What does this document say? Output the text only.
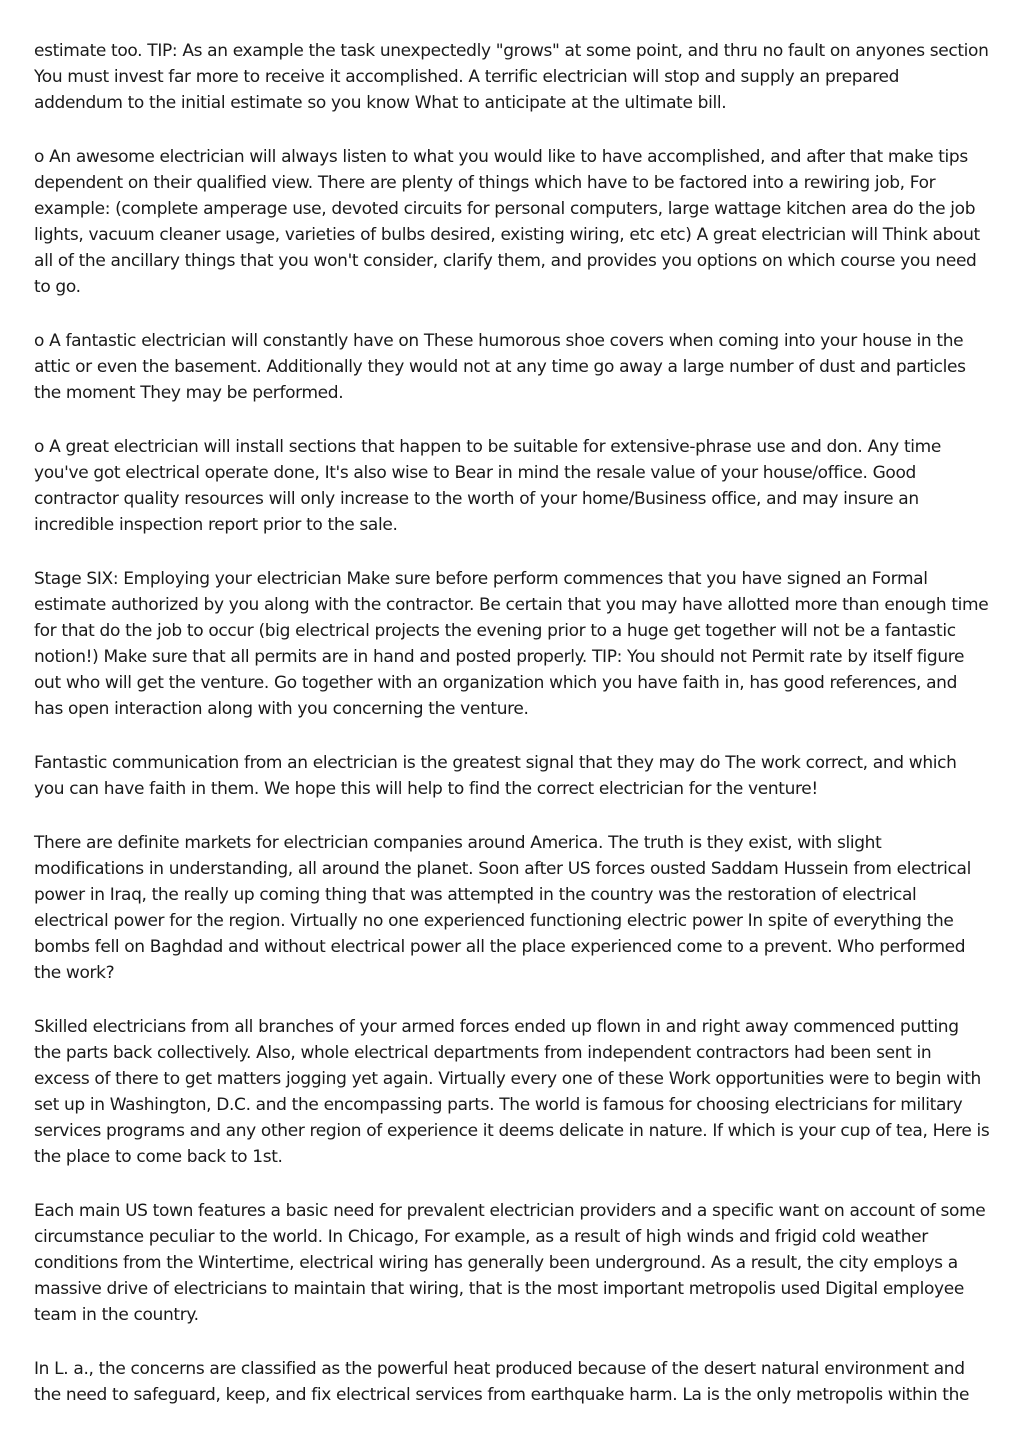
estimate too. TIP: As an example the task unexpectedly "grows" at some point, and thru no fault on anyones section You must invest far more to receive it accomplished. A terrific electrician will stop and supply an prepared addendum to the initial estimate so you know What to anticipate at the ultimate bill.

o An awesome electrician will always listen to what you would like to have accomplished, and after that make tips dependent on their qualified view. There are plenty of things which have to be factored into a rewiring job, For example: (complete amperage use, devoted circuits for personal computers, large wattage kitchen area do the job lights, vacuum cleaner usage, varieties of bulbs desired, existing wiring, etc etc) A great electrician will Think about all of the ancillary things that you won't consider, clarify them, and provides you options on which course you need to go.

o A fantastic electrician will constantly have on These humorous shoe covers when coming into your house in the attic or even the basement. Additionally they would not at any time go away a large number of dust and particles the moment They may be performed.

o A great electrician will install sections that happen to be suitable for extensive-phrase use and don. Any time you've got electrical operate done, It's also wise to Bear in mind the resale value of your house/office. Good contractor quality resources will only increase to the worth of your home/Business office, and may insure an incredible inspection report prior to the sale.

Stage SIX: Employing your electrician Make sure before perform commences that you have signed an Formal estimate authorized by you along with the contractor. Be certain that you may have allotted more than enough time for that do the job to occur (big electrical projects the evening prior to a huge get together will not be a fantastic notion!) Make sure that all permits are in hand and posted properly. TIP: You should not Permit rate by itself figure out who will get the venture. Go together with an organization which you have faith in, has good references, and has open interaction along with you concerning the venture.

Fantastic communication from an electrician is the greatest signal that they may do The work correct, and which you can have faith in them. We hope this will help to find the correct electrician for the venture!

There are definite markets for electrician companies around America. The truth is they exist, with slight modifications in understanding, all around the planet. Soon after US forces ousted Saddam Hussein from electrical power in Iraq, the really up coming thing that was attempted in the country was the restoration of electrical electrical power for the region. Virtually no one experienced functioning electric power In spite of everything the bombs fell on Baghdad and without electrical power all the place experienced come to a prevent. Who performed the work?

Skilled electricians from all branches of your armed forces ended up flown in and right away commenced putting the parts back collectively. Also, whole electrical departments from independent contractors had been sent in excess of there to get matters jogging yet again. Virtually every one of these Work opportunities were to begin with set up in Washington, D.C. and the encompassing parts. The world is famous for choosing electricians for military services programs and any other region of experience it deems delicate in nature. If which is your cup of tea, Here is the place to come back to 1st.

Each main US town features a basic need for prevalent electrician providers and a specific want on account of some circumstance peculiar to the world. In Chicago, For example, as a result of high winds and frigid cold weather conditions from the Wintertime, electrical wiring has generally been underground. As a result, the city employs a massive drive of electricians to maintain that wiring, that is the most important metropolis used Digital employee team in the country.

In L. a., the concerns are classified as the powerful heat produced because of the desert natural environment and the need to safeguard, keep, and fix electrical services from earthquake harm. La is the only metropolis within the
